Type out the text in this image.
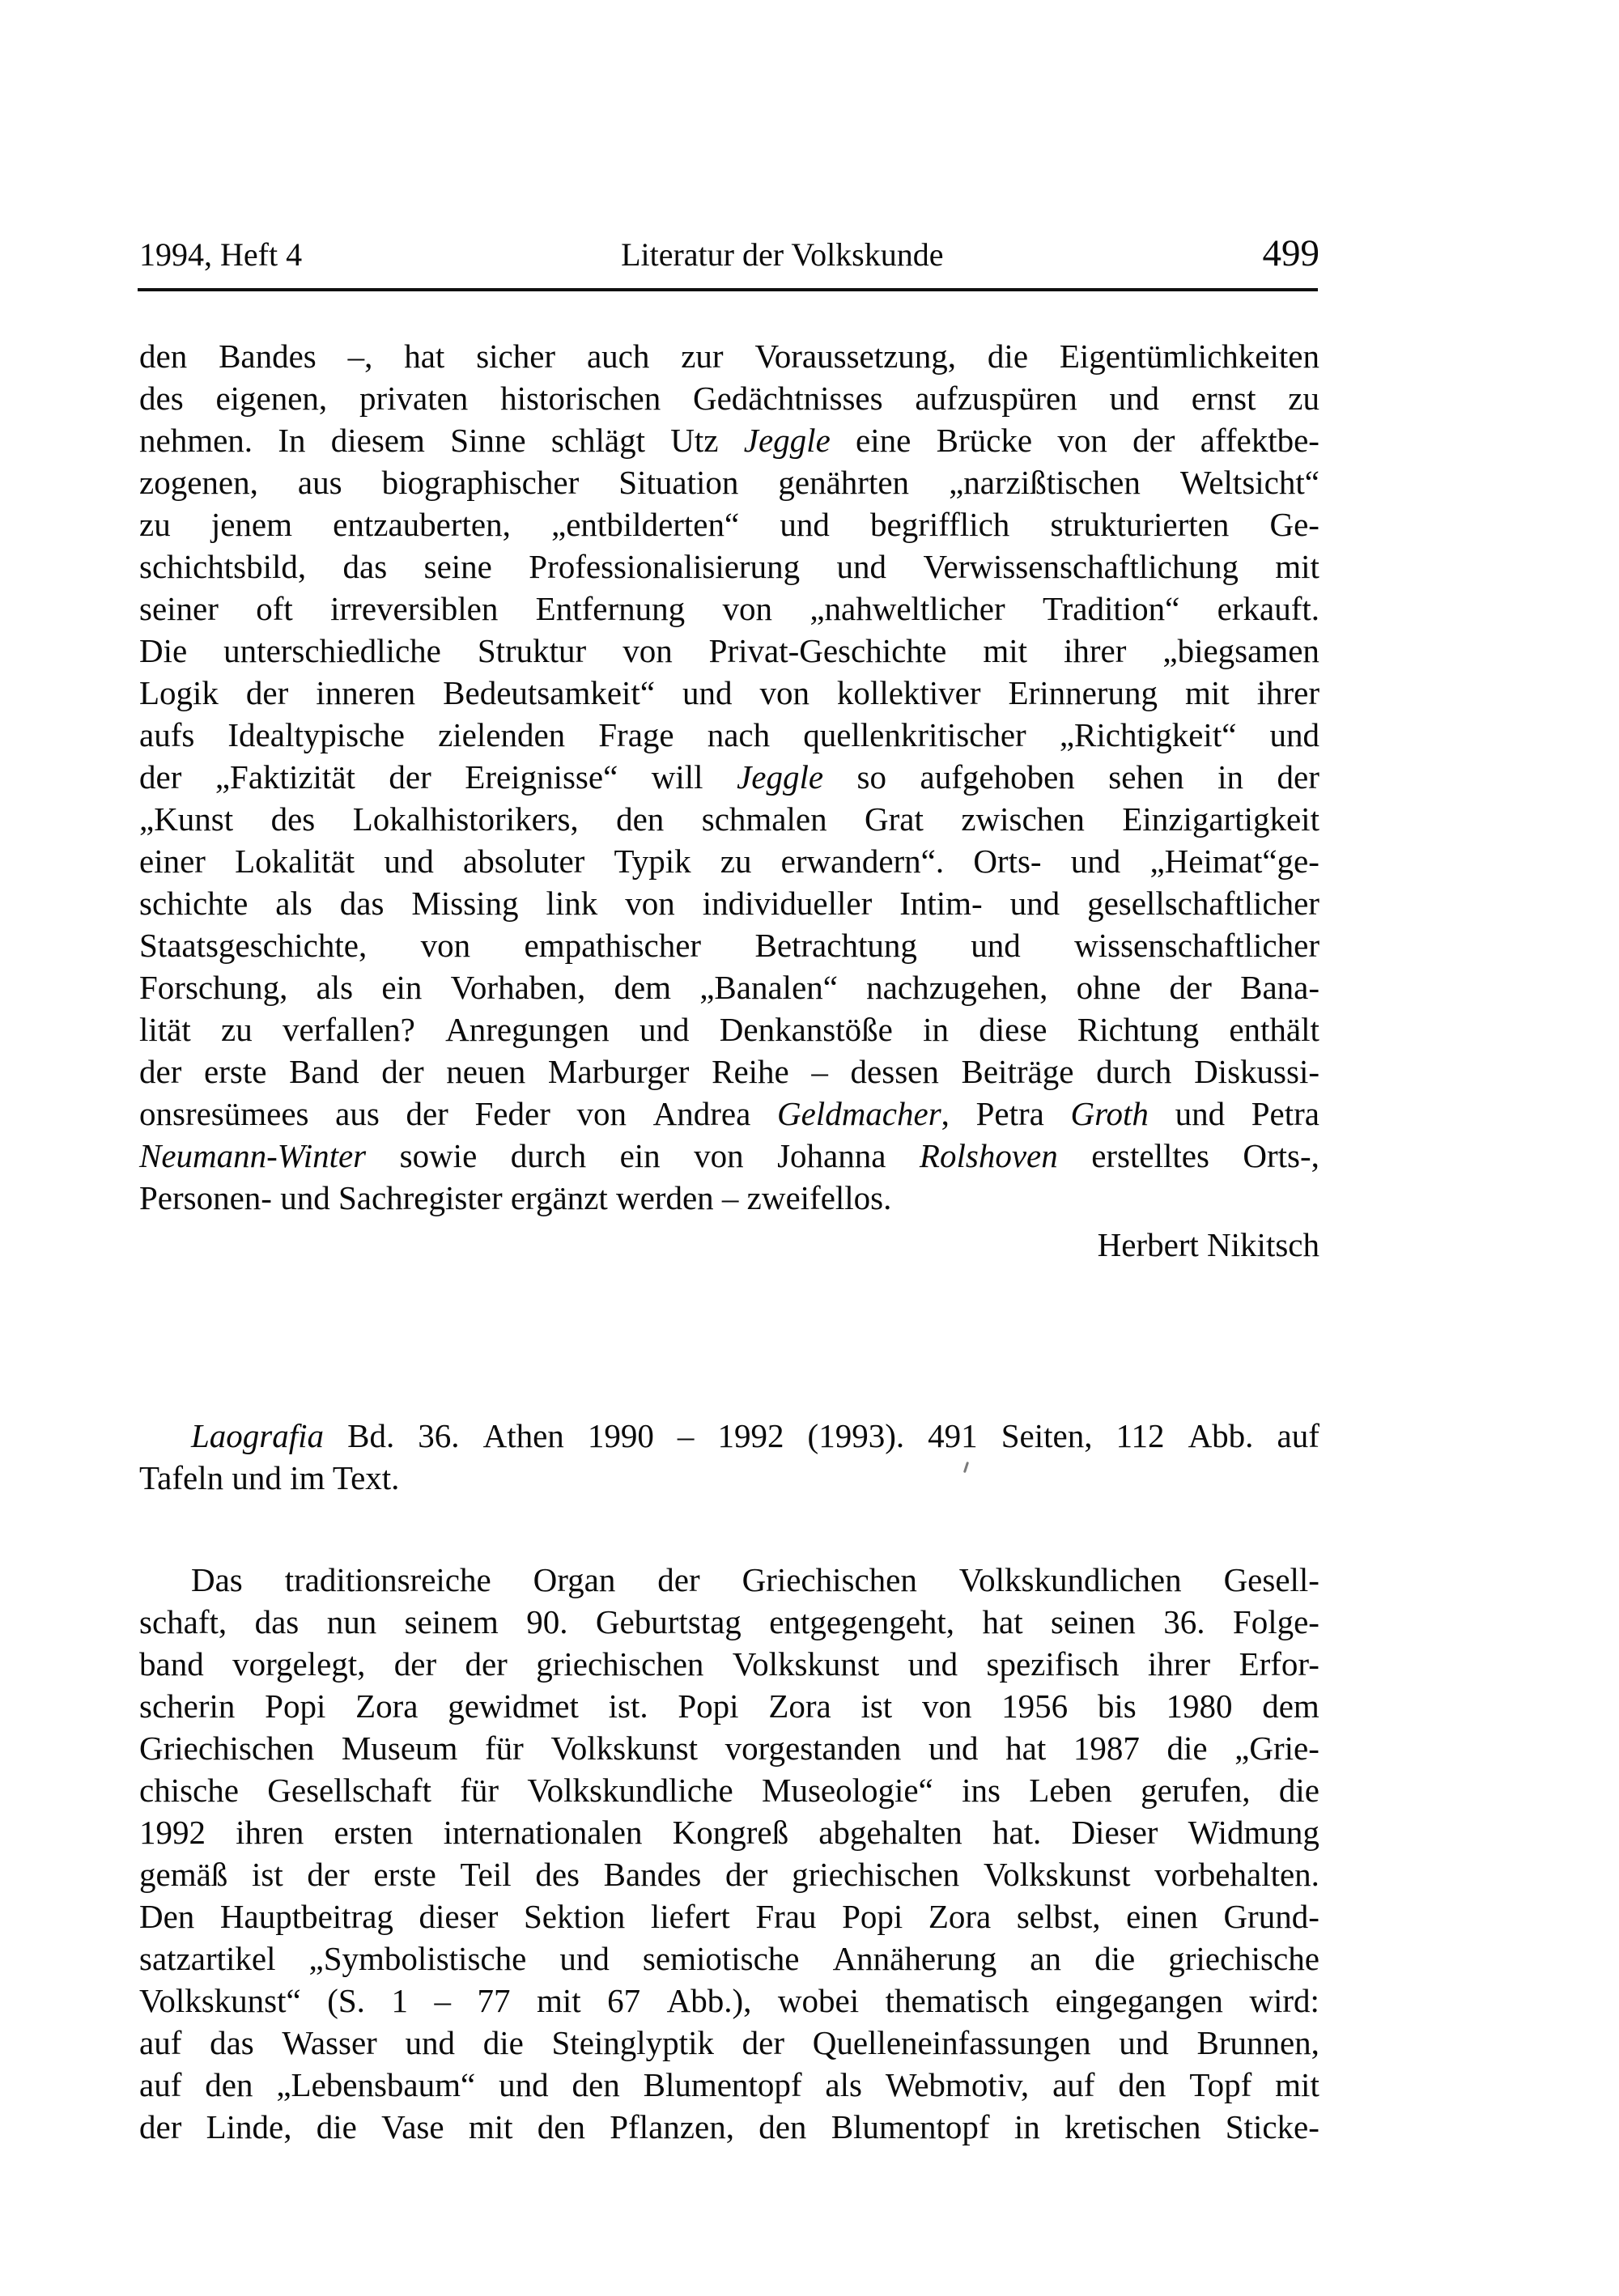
1994, Heft 4	Literatur der Volkskunde	499
den Bandes –, hat sicher auch zur Voraussetzung, die Eigentümlichkeiten
des eigenen, privaten historischen Gedächtnisses aufzuspüren und ernst zu
nehmen. In diesem Sinne schlägt Utz Jeggle eine Brücke von der affektbe-
zogenen, aus biographischer Situation genährten „narzißtischen Weltsicht“
zu jenem entzauberten, „entbilderten“ und begrifflich strukturierten Ge-
schichtsbild, das seine Professionalisierung und Verwissenschaftlichung mit
seiner oft irreversiblen Entfernung von „nahweltlicher Tradition“ erkauft.
Die unterschiedliche Struktur von Privat-Geschichte mit ihrer „biegsamen
Logik der inneren Bedeutsamkeit“ und von kollektiver Erinnerung mit ihrer
aufs Idealtypische zielenden Frage nach quellenkritischer „Richtigkeit“ und
der „Faktizität der Ereignisse“ will Jeggle so aufgehoben sehen in der
„Kunst des Lokalhistorikers, den schmalen Grat zwischen Einzigartigkeit
einer Lokalität und absoluter Typik zu erwandern“. Orts- und „Heimat“ge-
schichte als das Missing link von individueller Intim- und gesellschaftlicher
Staatsgeschichte, von empathischer Betrachtung und wissenschaftlicher
Forschung, als ein Vorhaben, dem „Banalen“ nachzugehen, ohne der Bana-
lität zu verfallen? Anregungen und Denkanstöße in diese Richtung enthält
der erste Band der neuen Marburger Reihe – dessen Beiträge durch Diskussi-
onsresümees aus der Feder von Andrea Geldmacher, Petra Groth und Petra
Neumann-Winter sowie durch ein von Johanna Rolshoven erstelltes Orts-,
Personen- und Sachregister ergänzt werden – zweifellos.
Herbert Nikitsch
Laografia Bd. 36. Athen 1990 – 1992 (1993). 491 Seiten, 112 Abb. auf
Tafeln und im Text.
Das traditionsreiche Organ der Griechischen Volkskundlichen Gesell-
schaft, das nun seinem 90. Geburtstag entgegengeht, hat seinen 36. Folge-
band vorgelegt, der der griechischen Volkskunst und spezifisch ihrer Erfor-
scherin Popi Zora gewidmet ist. Popi Zora ist von 1956 bis 1980 dem
Griechischen Museum für Volkskunst vorgestanden und hat 1987 die „Grie-
chische Gesellschaft für Volkskundliche Museologie“ ins Leben gerufen, die
1992 ihren ersten internationalen Kongreß abgehalten hat. Dieser Widmung
gemäß ist der erste Teil des Bandes der griechischen Volkskunst vorbehalten.
Den Hauptbeitrag dieser Sektion liefert Frau Popi Zora selbst, einen Grund-
satzartikel „Symbolistische und semiotische Annäherung an die griechische
Volkskunst“ (S. 1 – 77 mit 67 Abb.), wobei thematisch eingegangen wird:
auf das Wasser und die Steinglyptik der Quelleneinfassungen und Brunnen,
auf den „Lebensbaum“ und den Blumentopf als Webmotiv, auf den Topf mit
der Linde, die Vase mit den Pflanzen, den Blumentopf in kretischen Sticke-
